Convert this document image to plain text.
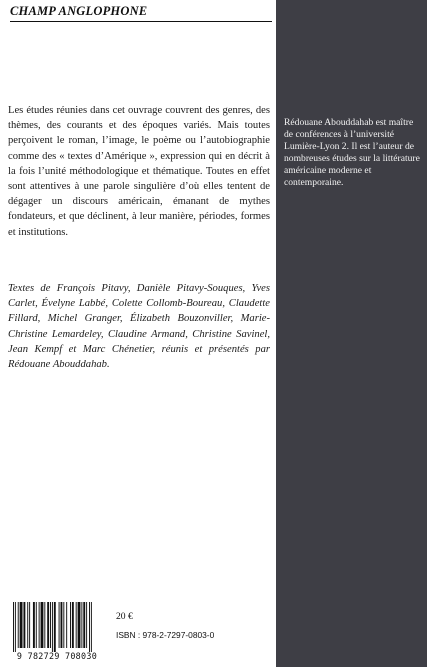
CHAMP ANGLOPHONE
Rédouane Abouddahab est maître de conférences à l’université Lumière-Lyon 2. Il est l’auteur de nombreuses études sur la littérature américaine moderne et contemporaine.
Les études réunies dans cet ouvrage couvrent des genres, des thèmes, des courants et des époques variés. Mais toutes perçoivent le roman, l’image, le poème ou l’autobiographie comme des « textes d’Amérique », expression qui en décrit à la fois l’unité méthodologique et thématique. Toutes en effet sont attentives à une parole singulière d’où elles tentent de dégager un discours américain, émanant de mythes fondateurs, et que déclinent, à leur manière, périodes, formes et institutions.
Textes de François Pitavy, Danièle Pitavy-Souques, Yves Carlet, Évelyne Labbé, Colette Collomb-Boureau, Claudette Fillard, Michel Granger, Élizabeth Bouzonviller, Marie-Christine Lemardeley, Claudine Armand, Christine Savinel, Jean Kempf et Marc Chénetier, réunis et présentés par Rédouane Abouddahab.
9 782729 708030
20 €
ISBN : 978-2-7297-0803-0
